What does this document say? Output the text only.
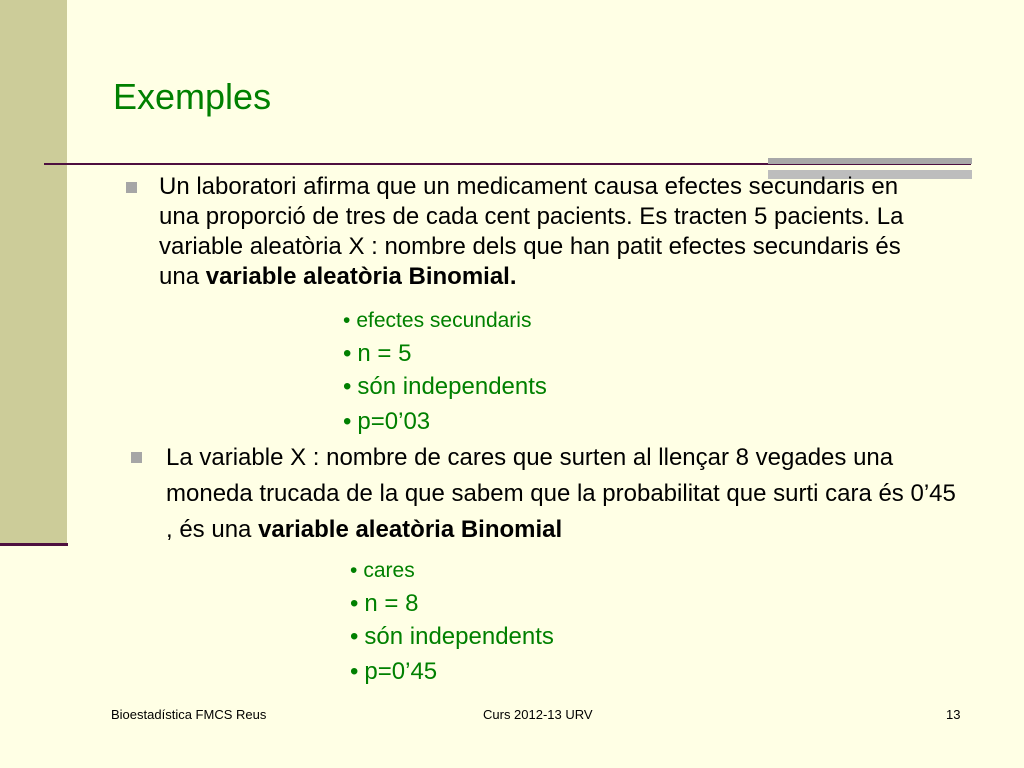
Exemples
Un laboratori afirma que un medicament causa efectes secundaris en una proporció de tres de cada cent pacients. Es tracten 5 pacients. La variable aleatòria X : nombre dels que han patit efectes secundaris és una variable aleatòria Binomial.
• efectes secundaris
• n = 5
• són independents
• p=0’03
La variable X : nombre de cares que surten al llençar 8 vegades una moneda trucada de la que sabem que la probabilitat que surti cara és 0’45 , és una variable aleatòria Binomial
• cares
• n = 8
• són independents
• p=0’45
Bioestadística FMCS Reus	Curs 2012-13 URV	13
